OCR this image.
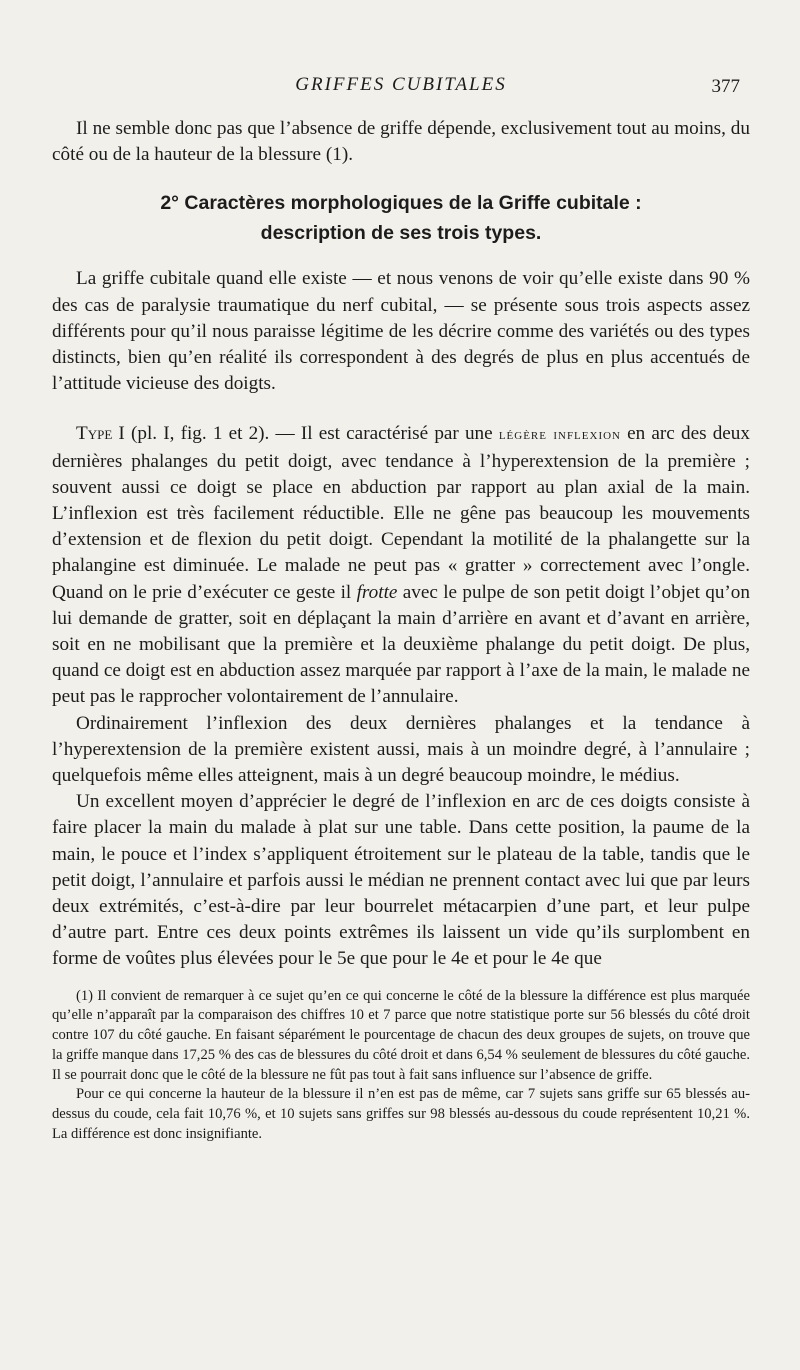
GRIFFES CUBITALES	377

Il ne semble donc pas que l’absence de griffe dépende, exclusivement tout au moins, du côté ou de la hauteur de la blessure (1).

2° Caractères morphologiques de la Griffe cubitale :
description de ses trois types.

La griffe cubitale quand elle existe — et nous venons de voir qu’elle existe dans 90 % des cas de paralysie traumatique du nerf cubital, — se présente sous trois aspects assez différents pour qu’il nous paraisse légitime de les décrire comme des variétés ou des types distincts, bien qu’en réalité ils correspondent à des degrés de plus en plus accentués de l’attitude vicieuse des doigts.

Type I (pl. I, fig. 1 et 2). — Il est caractérisé par une légère inflexion en arc des deux dernières phalanges du petit doigt, avec tendance à l’hyperextension de la première ; souvent aussi ce doigt se place en abduction par rapport au plan axial de la main. L’inflexion est très facilement réductible. Elle ne gêne pas beaucoup les mouvements d’extension et de flexion du petit doigt. Cependant la motilité de la phalangette sur la phalangine est diminuée. Le malade ne peut pas « gratter » correctement avec l’ongle. Quand on le prie d’exécuter ce geste il frotte avec le pulpe de son petit doigt l’objet qu’on lui demande de gratter, soit en déplaçant la main d’arrière en avant et d’avant en arrière, soit en ne mobilisant que la première et la deuxième phalange du petit doigt. De plus, quand ce doigt est en abduction assez marquée par rapport à l’axe de la main, le malade ne peut pas le rapprocher volontairement de l’annulaire.

Ordinairement l’inflexion des deux dernières phalanges et la tendance à l’hyperextension de la première existent aussi, mais à un moindre degré, à l’annulaire ; quelquefois même elles atteignent, mais à un degré beaucoup moindre, le médius.

Un excellent moyen d’apprécier le degré de l’inflexion en arc de ces doigts consiste à faire placer la main du malade à plat sur une table. Dans cette position, la paume de la main, le pouce et l’index s’appliquent étroitement sur le plateau de la table, tandis que le petit doigt, l’annulaire et parfois aussi le médian ne prennent contact avec lui que par leurs deux extrémités, c’est-à-dire par leur bourrelet métacarpien d’une part, et leur pulpe d’autre part. Entre ces deux points extrêmes ils laissent un vide qu’ils surplombent en forme de voûtes plus élevées pour le 5e que pour le 4e et pour le 4e que

(1) Il convient de remarquer à ce sujet qu’en ce qui concerne le côté de la blessure la différence est plus marquée qu’elle n’apparaît par la comparaison des chiffres 10 et 7 parce que notre statistique porte sur 56 blessés du côté droit contre 107 du côté gauche. En faisant séparément le pourcentage de chacun des deux groupes de sujets, on trouve que la griffe manque dans 17,25 % des cas de blessures du côté droit et dans 6,54 % seulement de blessures du côté gauche. Il se pourrait donc que le côté de la blessure ne fût pas tout à fait sans influence sur l’absence de griffe.

Pour ce qui concerne la hauteur de la blessure il n’en est pas de même, car 7 sujets sans griffe sur 65 blessés au-dessus du coude, cela fait 10,76 %, et 10 sujets sans griffes sur 98 blessés au-dessous du coude représentent 10,21 %. La différence est donc insignifiante.
